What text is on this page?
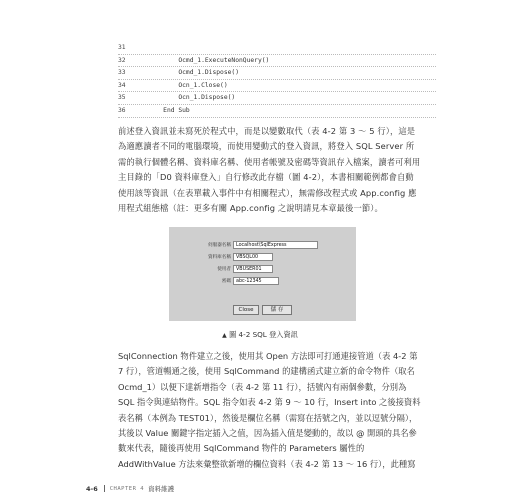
31
32	Ocmd_1.ExecuteNonQuery()
33	Ocmd_1.Dispose()
34	Ocn_1.Close()
35	Ocn_1.Dispose()
36	End Sub
前述登入資訊並未寫死於程式中，而是以變數取代（表 4-2 第 3 ～ 5 行），這是為適應讀者不同的電腦環境，而使用變動式的登入資訊，將登入 SQL Server 所需的執行個體名稱、資料庫名稱、使用者帳號及密碼等資訊存入檔案，讀者可利用主目錄的「D0 資料庫登入」自行修改此存檔（圖 4-2），本書相關範例都會自動使用該等資訊（在表單載入事件中有相關程式），無需修改程式或 App.config 應用程式組態檔（註：更多有關 App.config 之說明請見本章最後一節）。
伺服器名稱	Localhost\SqlExpress
資料庫名稱	VBSQL00
使用者	VBUSER01
密碼	abc-12345
Close	儲 存
▲ 圖 4-2 SQL 登入資訊
SqlConnection 物件建立之後，使用其 Open 方法即可打通連接管道（表 4-2 第 7 行），管道暢通之後，使用 SqlCommand 的建構函式建立新的命令物件（取名 Ocmd_1）以便下達新增指令（表 4-2 第 11 行），括號內有兩個參數，分別為 SQL 指令與連結物件。SQL 指令如表 4-2 第 9 ～ 10 行，Insert into 之後接資料表名稱（本例為 TEST01），然後是欄位名稱（需寫在括號之內，並以逗號分隔），其後以 Value 關鍵字指定插入之值，因為插入值是變動的，故以 @ 開頭的具名參數來代表，隨後再使用 SqlCommand 物件的 Parameters 屬性的 AddWithValue 方法來彙整欲新增的欄位資料（表 4-2 第 13 ～ 16 行），此種寫
4-6 CHAPTER 4 資料維護
